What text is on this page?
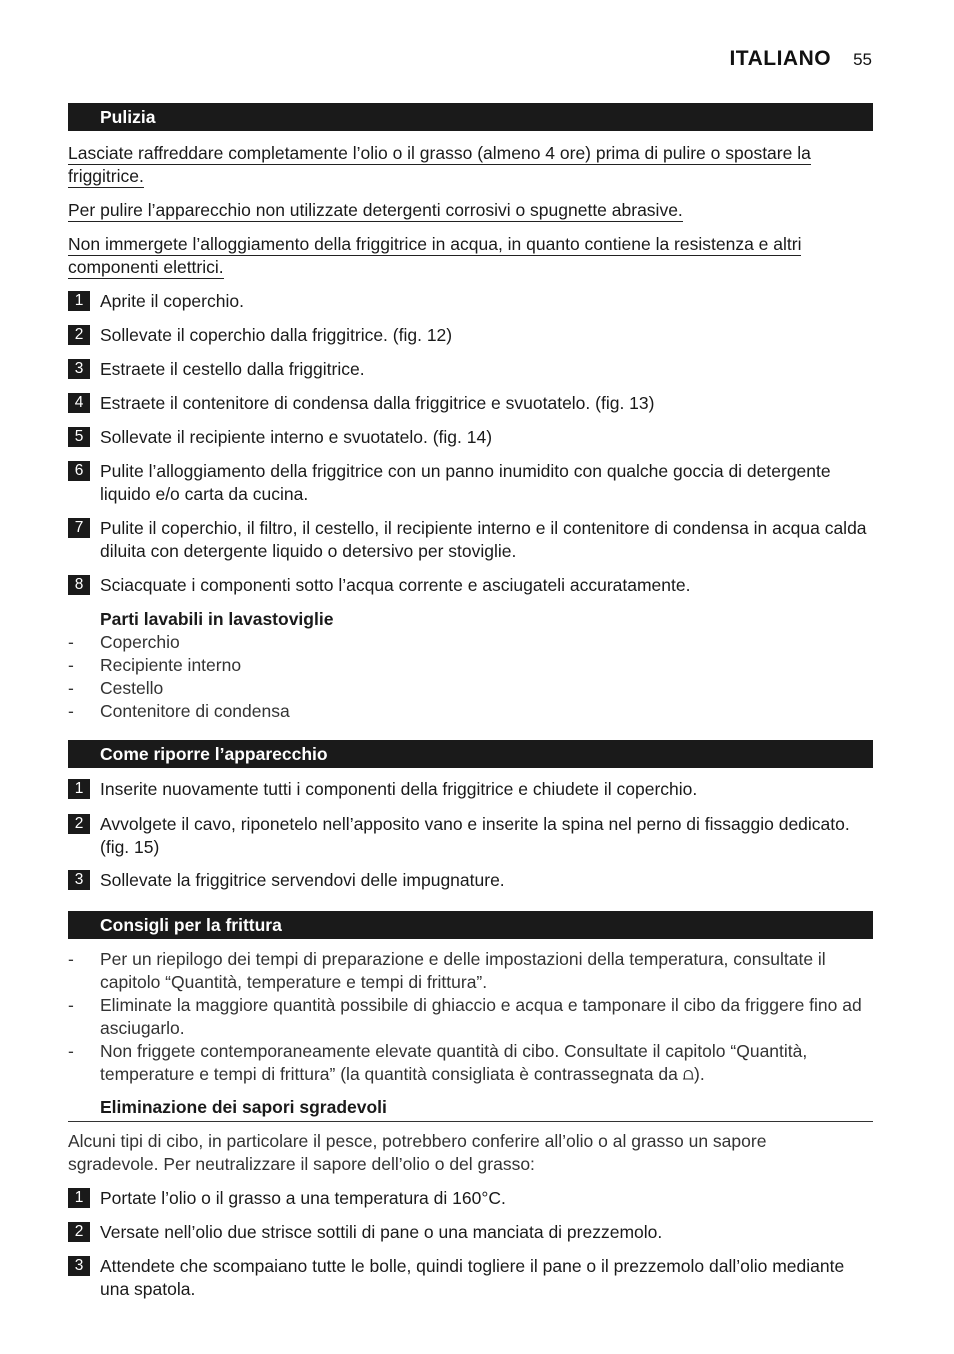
ITALIANO 55
Pulizia
Lasciate raffreddare completamente l’olio o il grasso (almeno 4 ore) prima di pulire o spostare la
friggitrice.
Per pulire l’apparecchio non utilizzate detergenti corrosivi o spugnette abrasive.
Non immergete l’alloggiamento della friggitrice in acqua, in quanto contiene la resistenza e altri
componenti elettrici.
1 Aprite il coperchio.
2 Sollevate il coperchio dalla friggitrice. (fig. 12)
3 Estraete il cestello dalla friggitrice.
4 Estraete il contenitore di condensa dalla friggitrice e svuotatelo. (fig. 13)
5 Sollevate il recipiente interno e svuotatelo. (fig. 14)
6 Pulite l’alloggiamento della friggitrice con un panno inumidito con qualche goccia di detergente liquido e/o carta da cucina.
7 Pulite il coperchio, il filtro, il cestello, il recipiente interno e il contenitore di condensa in acqua calda diluita con detergente liquido o detersivo per stoviglie.
8 Sciacquate i componenti sotto l’acqua corrente e asciugateli accuratamente.
Parti lavabili in lavastoviglie
- Coperchio
- Recipiente interno
- Cestello
- Contenitore di condensa
Come riporre l’apparecchio
1 Inserite nuovamente tutti i componenti della friggitrice e chiudete il coperchio.
2 Avvolgete il cavo, riponetelo nell’apposito vano e inserite la spina nel perno di fissaggio dedicato. (fig. 15)
3 Sollevate la friggitrice servendovi delle impugnature.
Consigli per la frittura
- Per un riepilogo dei tempi di preparazione e delle impostazioni della temperatura, consultate il capitolo “Quantità, temperature e tempi di frittura”.
- Eliminate la maggiore quantità possibile di ghiaccio e acqua e tamponare il cibo da friggere fino ad asciugarlo.
- Non friggete contemporaneamente elevate quantità di cibo. Consultate il capitolo “Quantità, temperature e tempi di frittura” (la quantità consigliata è contrassegnata da ⩍).
Eliminazione dei sapori sgradevoli
Alcuni tipi di cibo, in particolare il pesce, potrebbero conferire all’olio o al grasso un sapore
sgradevole. Per neutralizzare il sapore dell’olio o del grasso:
1 Portate l’olio o il grasso a una temperatura di 160°C.
2 Versate nell’olio due strisce sottili di pane o una manciata di prezzemolo.
3 Attendete che scompaiano tutte le bolle, quindi togliere il pane o il prezzemolo dall’olio mediante una spatola.
